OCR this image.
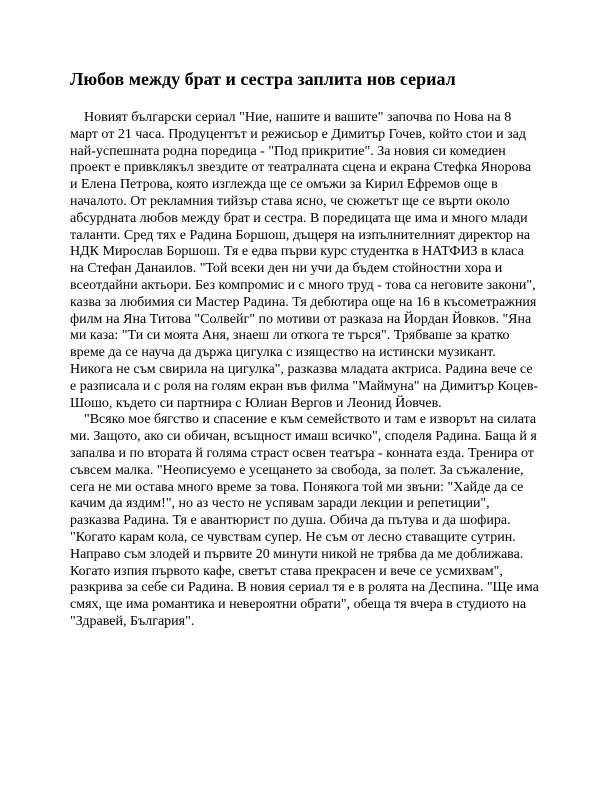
Любов между брат и сестра заплита нов сериал

Новият български сериал "Ние, нашите и вашите" започва по Нова на 8 март от 21 часа. Продуцентът и режисьор е Димитър Гочев, който стои и зад най-успешната родна поредица - "Под прикритие". За новия си комедиен проект е привклякъл звездите от театралната сцена и екрана Стефка Янорова и Елена Петрова, която изглежда ще се омъжи за Кирил Ефремов още в началото. От рекламния тийзър става ясно, че сюжетът ще се върти около абсурдната любов между брат и сестра. В поредицата ще има и много млади таланти. Сред тях е Радина Боршош, дъщеря на изпълнителният директор на НДК Мирослав Боршош. Тя е едва първи курс студентка в НАТФИЗ в класа на Стефан Данаилов. "Той всеки ден ни учи да бъдем стойностни хора и всеотдайни актьори. Без компромис и с много труд - това са неговите закони", казва за любимия си Мастер Радина. Тя дебютира още на 16 в късометражния филм на Яна Титова "Солвейг" по мотиви от разказа на Йордан Йовков. "Яна ми каза: "Ти си моята Аня, знаеш ли откога те търся". Трябваше за кратко време да се науча да държа цигулка с изящество на истински музикант. Никога не съм свирила на цигулка", разказва младата актриса. Радина вече се е разписала и с роля на голям екран във филма "Маймуна" на Димитър Коцев-Шошо, където си партнира с Юлиан Вергов и Леонид Йовчев.

"Всяко мое бягство и спасение е към семейството и там е изворът на силата ми. Защото, ако си обичан, всъщност имаш всичко", споделя Радина. Баща й я запалва и по втората й голяма страст освен театъра - конната езда. Тренира от съвсем малка. "Неописуемо е усещането за свобода, за полет. За съжаление, сега не ми остава много време за това. Понякога той ми звъни: "Хайде да се качим да яздим!", но аз често не успявам заради лекции и репетиции", разказва Радина. Тя е авантюрист по душа. Обича да пътува и да шофира. "Когато карам кола, се чувствам супер. Не съм от лесно ставащите сутрин. Направо съм злодей и първите 20 минути никой не трябва да ме доближава. Когато изпия първото кафе, светът става прекрасен и вече се усмихвам", разкрива за себе си Радина. В новия сериал тя е в ролята на Деспина. "Ще има смях, ще има романтика и невероятни обрати", обеща тя вчера в студиото на "Здравей, България".
